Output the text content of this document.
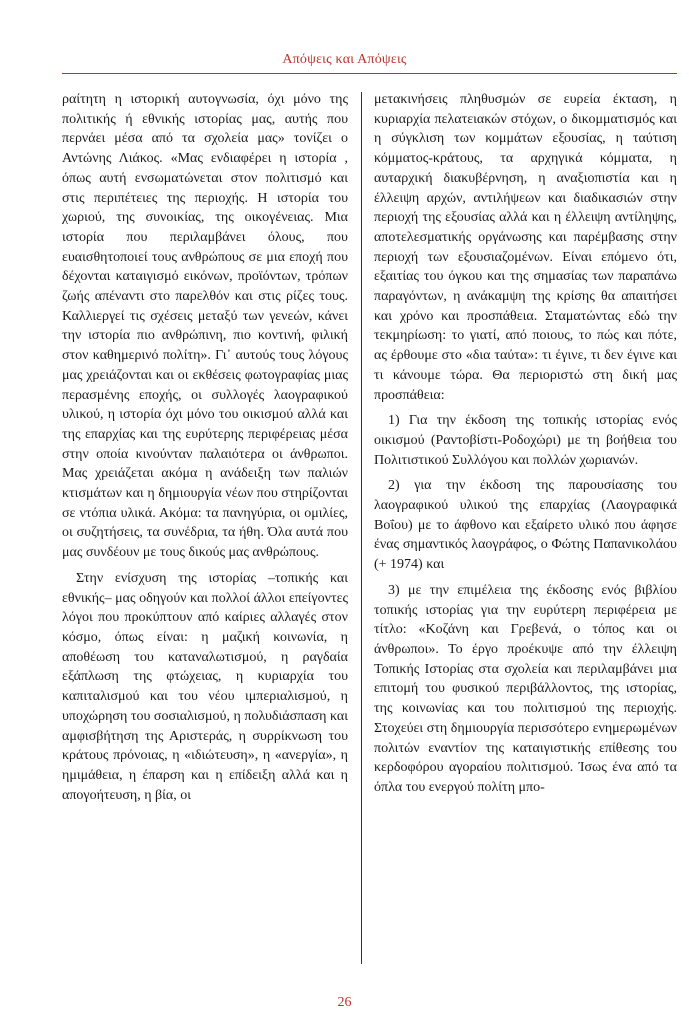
Απόψεις και Απόψεις

ραίτητη η ιστορική αυτογνωσία, όχι μόνο της πολιτικής ή εθνικής ιστορίας μας, αυτής που περνάει μέσα από τα σχολεία μας» τονίζει ο Αντώνης Λιάκος. «Μας ενδιαφέρει η ιστορία , όπως αυτή ενσωματώνεται στον πολιτισμό και στις περιπέτειες της περιοχής. Η ιστορία του χωριού, της συνοικίας, της οικογένειας. Μια ιστορία που περιλαμβάνει όλους, που ευαισθητοποιεί τους ανθρώπους σε μια εποχή που δέχονται καταιγισμό εικόνων, προϊόντων, τρόπων ζωής απέναντι στο παρελθόν και στις ρίζες τους. Καλλιεργεί τις σχέσεις μεταξύ των γενεών, κάνει την ιστορία πιο ανθρώπινη, πιο κοντινή, φιλική στον καθημερινό πολίτη». Γι᾽ αυτούς τους λόγους μας χρειάζονται και οι εκθέσεις φωτογραφίας μιας περασμένης εποχής, οι συλλογές λαογραφικού υλικού, η ιστορία όχι μόνο του οικισμού αλλά και της επαρχίας και της ευρύτερης περιφέρειας μέσα στην οποία κινούνταν παλαιότερα οι άνθρωποι. Μας χρειάζεται ακόμα η ανάδειξη των παλιών κτισμάτων και η δημιουργία νέων που στηρίζονται σε ντόπια υλικά. Ακόμα: τα πανηγύρια, οι ομιλίες, οι συζητήσεις, τα συνέδρια, τα ήθη. Όλα αυτά που μας συνδέουν με τους δικούς μας ανθρώπους.

Στην ενίσχυση της ιστορίας –τοπικής και εθνικής– μας οδηγούν και πολλοί άλλοι επείγοντες λόγοι που προκύπτουν από καίριες αλλαγές στον κόσμο, όπως είναι: η μαζική κοινωνία, η αποθέωση του καταναλωτισμού, η ραγδαία εξάπλωση της φτώχειας, η κυριαρχία του καπιταλισμού και του νέου ιμπεριαλισμού, η υποχώρηση του σοσιαλισμού, η πολυδιάσπαση και αμφισβήτηση της Αριστεράς, η συρρίκνωση του κράτους πρόνοιας, η «ιδιώτευση», η «ανεργία», η ημιμάθεια, η έπαρση και η επίδειξη αλλά και η απογοήτευση, η βία, οι

μετακινήσεις πληθυσμών σε ευρεία έκταση, η κυριαρχία πελατειακών στόχων, ο δικομματισμός και η σύγκλιση των κομμάτων εξουσίας, η ταύτιση κόμματος-κράτους, τα αρχηγικά κόμματα, η αυταρχική διακυβέρνηση, η αναξιοπιστία και η έλλειψη αρχών, αντιλήψεων και διαδικασιών στην περιοχή της εξουσίας αλλά και η έλλειψη αντίληψης, αποτελεσματικής οργάνωσης και παρέμβασης στην περιοχή των εξουσιαζομένων. Είναι επόμενο ότι, εξαιτίας του όγκου και της σημασίας των παραπάνω παραγόντων, η ανάκαμψη της κρίσης θα απαιτήσει και χρόνο και προσπάθεια. Σταματώντας εδώ την τεκμηρίωση: το γιατί, από ποιους, το πώς και πότε, ας έρθουμε στο «δια ταύτα»: τι έγινε, τι δεν έγινε και τι κάνουμε τώρα. Θα περιοριστώ στη δική μας προσπάθεια:

1) Για την έκδοση της τοπικής ιστορίας ενός οικισμού (Ραντοβίστι-Ροδοχώρι) με τη βοήθεια του Πολιτιστικού Συλλόγου και πολλών χωριανών.

2) για την έκδοση της παρουσίασης του λαογραφικού υλικού της επαρχίας (Λαογραφικά Βοΐου) με το άφθονο και εξαίρετο υλικό που άφησε ένας σημαντικός λαογράφος, ο Φώτης Παπανικολάου (+ 1974) και

3) με την επιμέλεια της έκδοσης ενός βιβλίου τοπικής ιστορίας για την ευρύτερη περιφέρεια με τίτλο: «Κοζάνη και Γρεβενά, ο τόπος και οι άνθρωποι». Το έργο προέκυψε από την έλλειψη Τοπικής Ιστορίας στα σχολεία και περιλαμβάνει μια επιτομή του φυσικού περιβάλλοντος, της ιστορίας, της κοινωνίας και του πολιτισμού της περιοχής. Στοχεύει στη δημιουργία περισσότερο ενημερωμένων πολιτών εναντίον της καταιγιστικής επίθεσης του κερδοφόρου αγοραίου πολιτισμού. Ίσως ένα από τα όπλα του ενεργού πολίτη μπο-

26
